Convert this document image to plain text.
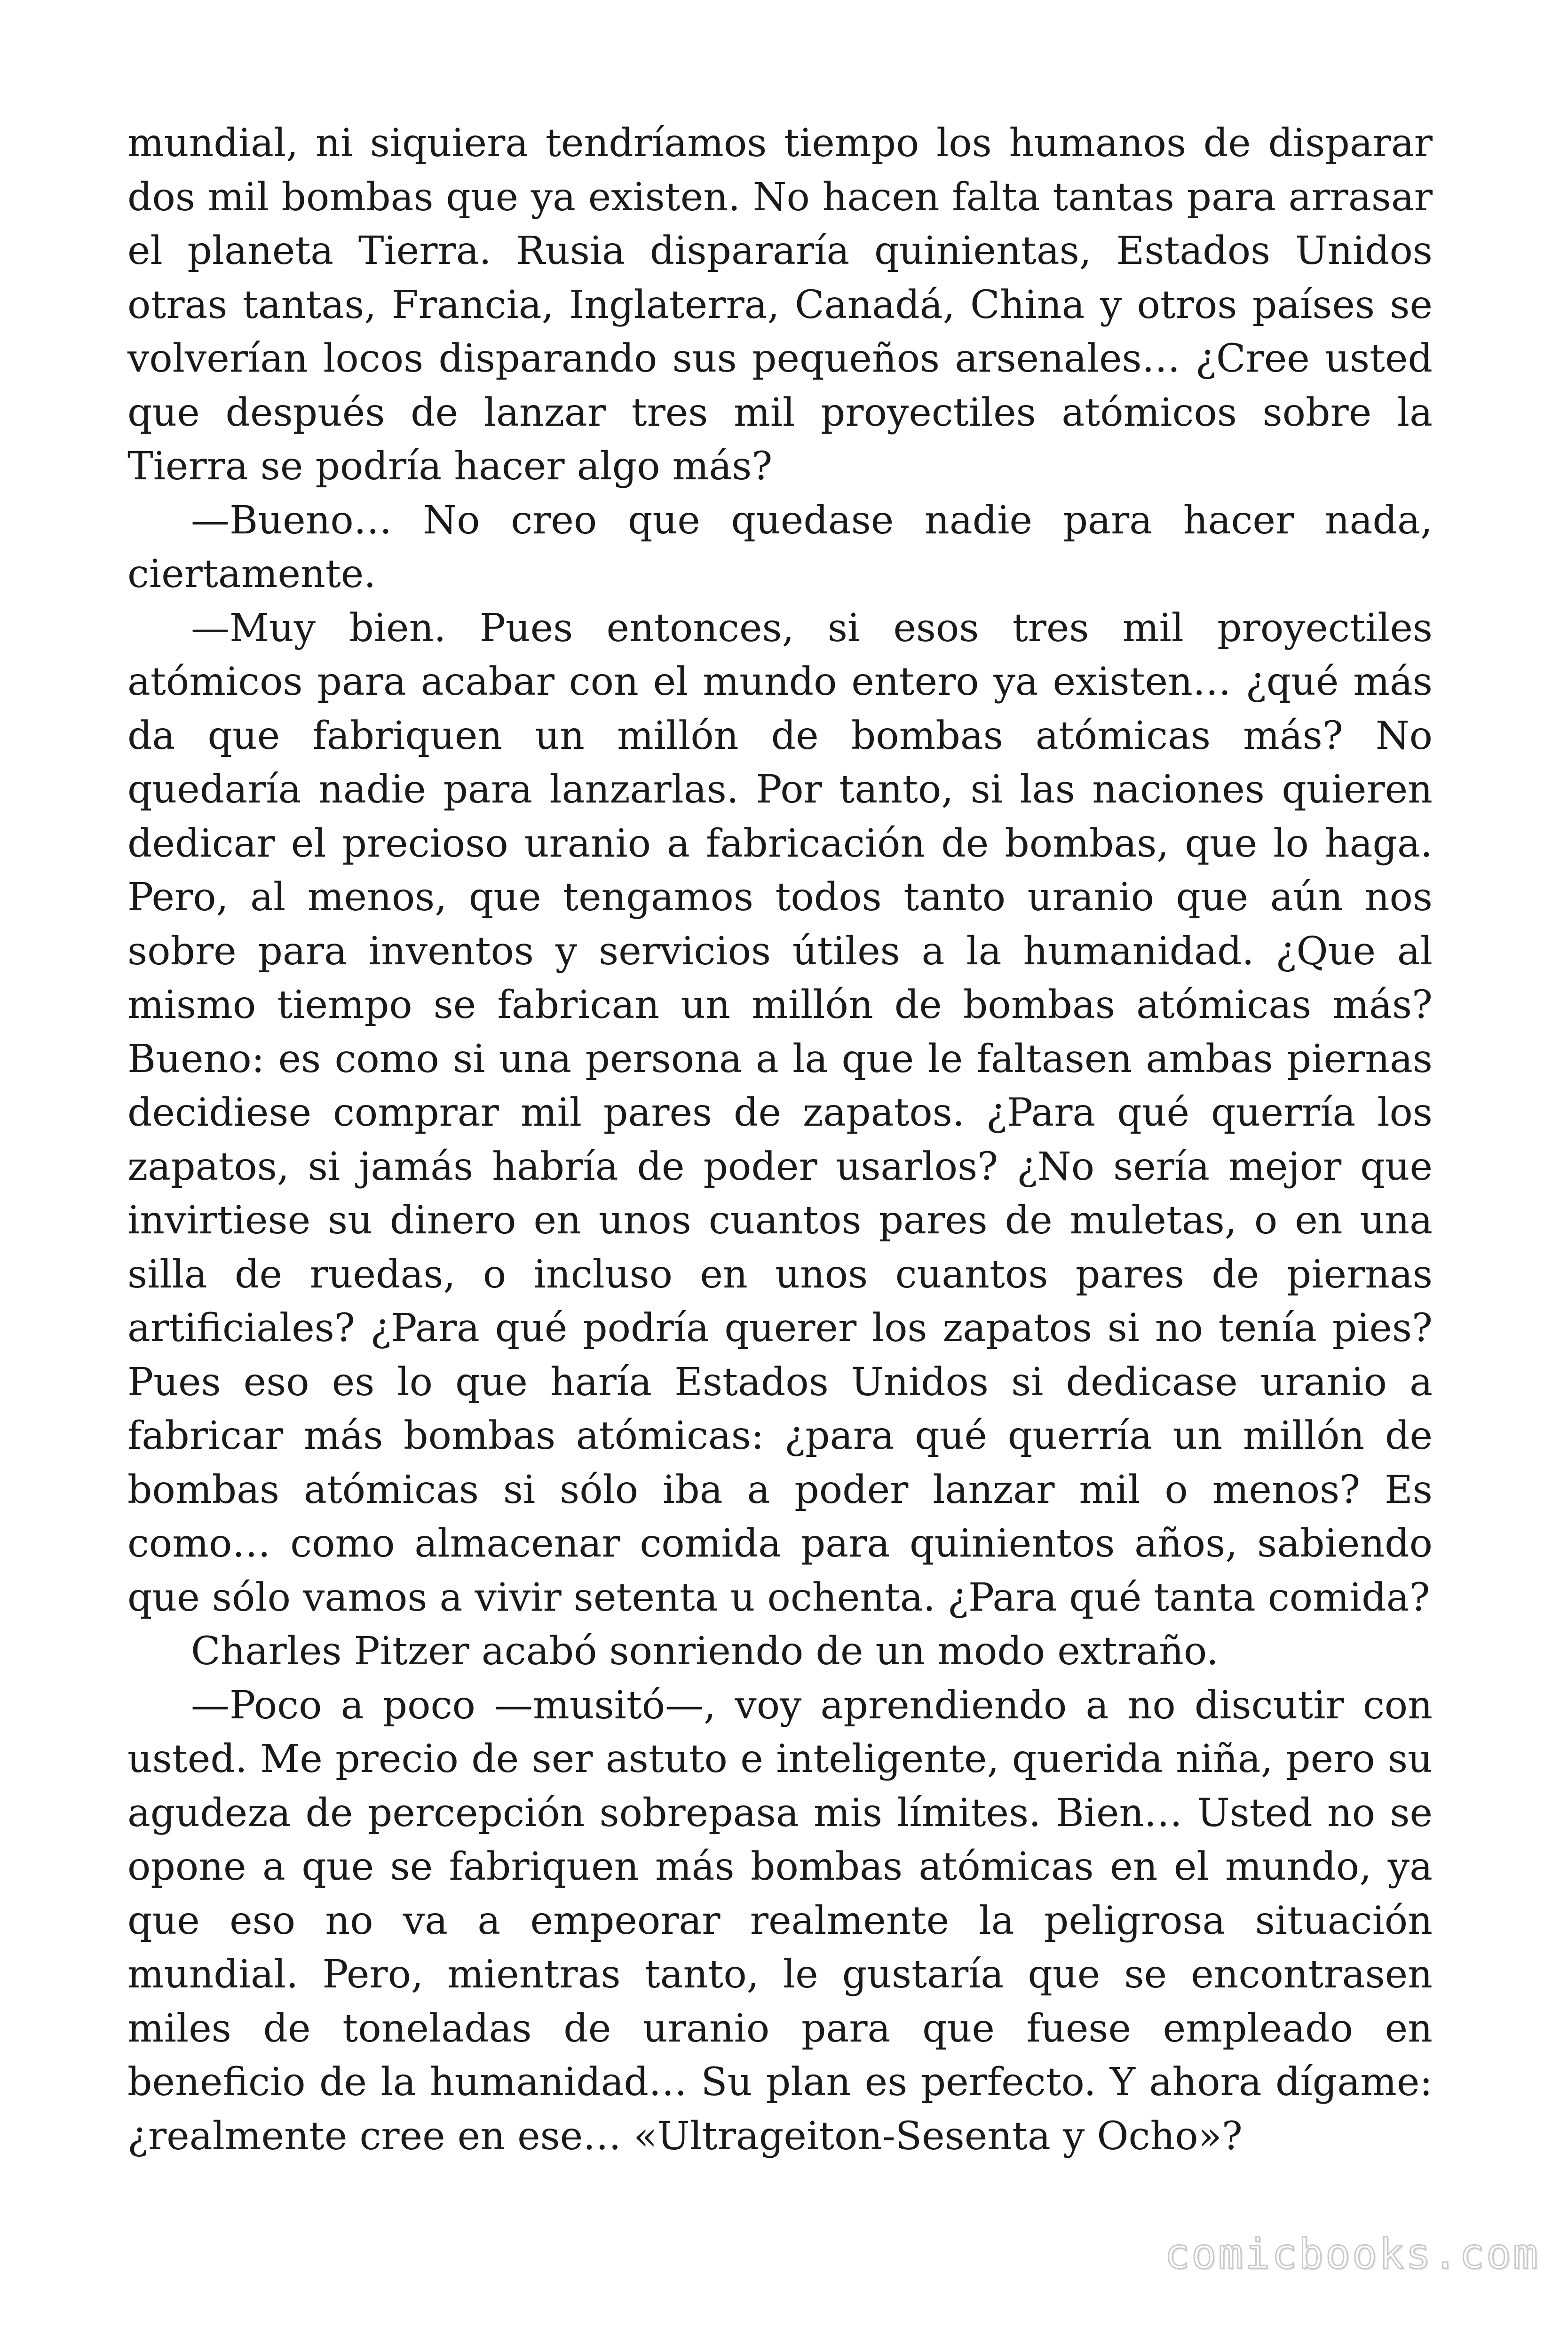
mundial, ni siquiera tendríamos tiempo los humanos de disparar dos mil bombas que ya existen. No hacen falta tantas para arrasar el planeta Tierra. Rusia dispararía quinientas, Estados Unidos otras tantas, Francia, Inglaterra, Canadá, China y otros países se volverían locos disparando sus pequeños arsenales… ¿Cree usted que después de lanzar tres mil proyectiles atómicos sobre la Tierra se podría hacer algo más?

—Bueno… No creo que quedase nadie para hacer nada, ciertamente.

—Muy bien. Pues entonces, si esos tres mil proyectiles atómicos para acabar con el mundo entero ya existen… ¿qué más da que fabriquen un millón de bombas atómicas más? No quedaría nadie para lanzarlas. Por tanto, si las naciones quieren dedicar el precioso uranio a fabricación de bombas, que lo haga. Pero, al menos, que tengamos todos tanto uranio que aún nos sobre para inventos y servicios útiles a la humanidad. ¿Que al mismo tiempo se fabrican un millón de bombas atómicas más? Bueno: es como si una persona a la que le faltasen ambas piernas decidiese comprar mil pares de zapatos. ¿Para qué querría los zapatos, si jamás habría de poder usarlos? ¿No sería mejor que invirtiese su dinero en unos cuantos pares de muletas, o en una silla de ruedas, o incluso en unos cuantos pares de piernas artificiales? ¿Para qué podría querer los zapatos si no tenía pies? Pues eso es lo que haría Estados Unidos si dedicase uranio a fabricar más bombas atómicas: ¿para qué querría un millón de bombas atómicas si sólo iba a poder lanzar mil o menos? Es como… como almacenar comida para quinientos años, sabiendo que sólo vamos a vivir setenta u ochenta. ¿Para qué tanta comida?

Charles Pitzer acabó sonriendo de un modo extraño.

—Poco a poco —musitó—, voy aprendiendo a no discutir con usted. Me precio de ser astuto e inteligente, querida niña, pero su agudeza de percepción sobrepasa mis límites. Bien… Usted no se opone a que se fabriquen más bombas atómicas en el mundo, ya que eso no va a empeorar realmente la peligrosa situación mundial. Pero, mientras tanto, le gustaría que se encontrasen miles de toneladas de uranio para que fuese empleado en beneficio de la humanidad… Su plan es perfecto. Y ahora dígame: ¿realmente cree en ese… «Ultrageiton-Sesenta y Ocho»?

comicbooks.com
